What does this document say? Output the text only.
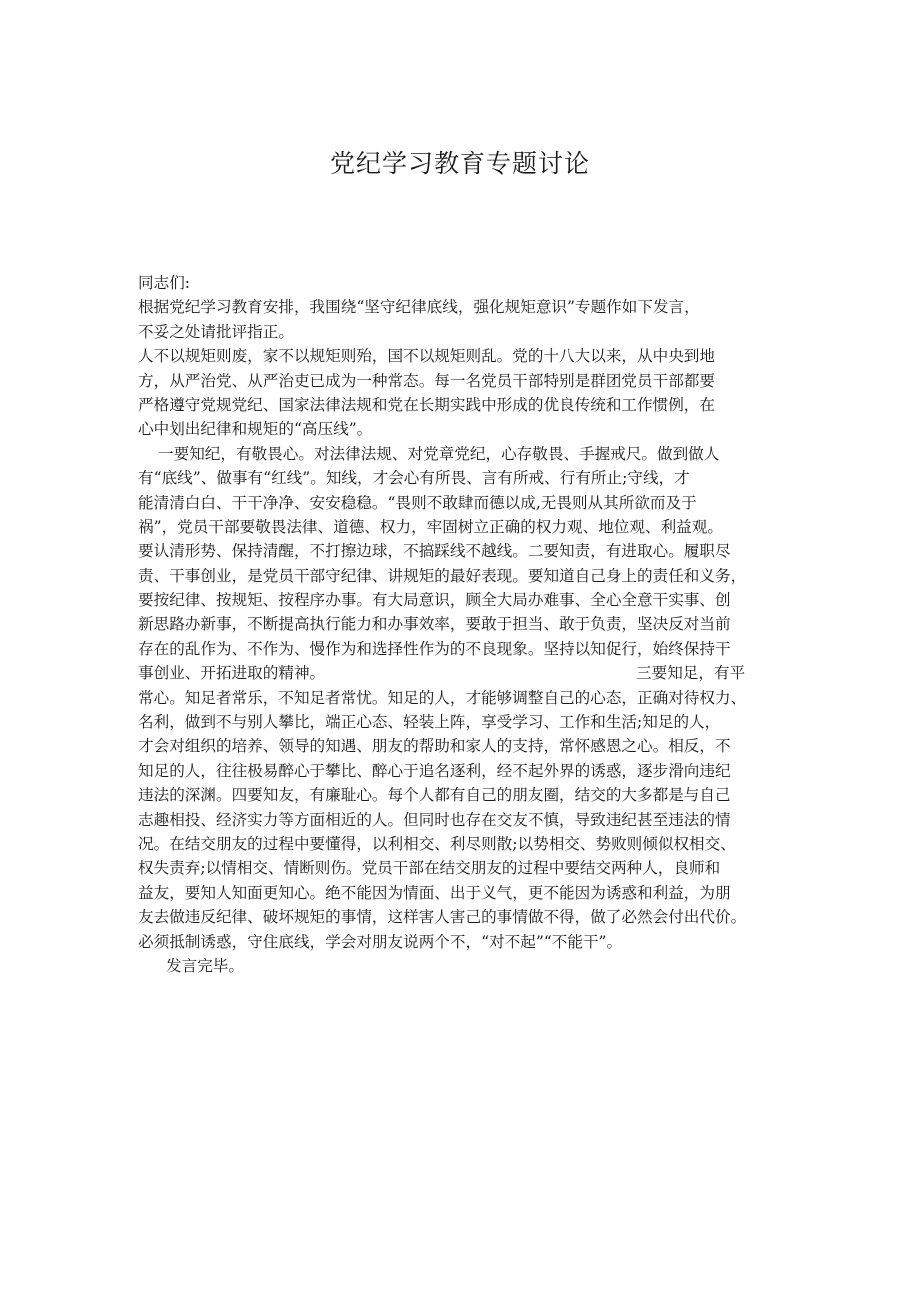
党纪学习教育专题讨论
同志们:
根据党纪学习教育安排，我围绕“坚守纪律底线，强化规矩意识”专题作如下发言，
不妥之处请批评指正。
人不以规矩则废，家不以规矩则殆，国不以规矩则乱。党的十八大以来，从中央到地
方，从严治党、从严治吏已成为一种常态。每一名党员干部特别是群团党员干部都要
严格遵守党规党纪、国家法律法规和党在长期实践中形成的优良传统和工作惯例，在
心中划出纪律和规矩的“高压线”。
一要知纪，有敬畏心。对法律法规、对党章党纪，心存敬畏、手握戒尺。做到做人
有“底线”、做事有“红线”。知线，才会心有所畏、言有所戒、行有所止;守线，才
能清清白白、干干净净、安安稳稳。“畏则不敢肆而德以成,无畏则从其所欲而及于
祸”，党员干部要敬畏法律、道德、权力，牢固树立正确的权力观、地位观、利益观。
要认清形势、保持清醒，不打擦边球，不搞踩线不越线。二要知责，有进取心。履职尽
责、干事创业，是党员干部守纪律、讲规矩的最好表现。要知道自己身上的责任和义务，
要按纪律、按规矩、按程序办事。有大局意识，顾全大局办难事、全心全意干实事、创
新思路办新事，不断提高执行能力和办事效率，要敢于担当、敢于负责，坚决反对当前
存在的乱作为、不作为、慢作为和选择性作为的不良现象。坚持以知促行，始终保持干
事创业、开拓进取的精神。	三要知足，有平
常心。知足者常乐，不知足者常忧。知足的人，才能够调整自己的心态，正确对待权力、
名利，做到不与别人攀比，端正心态、轻装上阵，享受学习、工作和生活;知足的人，
才会对组织的培养、领导的知遇、朋友的帮助和家人的支持，常怀感恩之心。相反，不
知足的人，往往极易醉心于攀比、醉心于追名逐利，经不起外界的诱惑，逐步滑向违纪
违法的深渊。四要知友，有廉耻心。每个人都有自己的朋友圈，结交的大多都是与自己
志趣相投、经济实力等方面相近的人。但同时也存在交友不慎，导致违纪甚至违法的情
况。在结交朋友的过程中要懂得，以利相交、利尽则散;以势相交、势败则倾似权相交、
权失责弃;以情相交、情断则伤。党员干部在结交朋友的过程中要结交两种人，良师和
益友，要知人知面更知心。绝不能因为情面、出于义气，更不能因为诱惑和利益，为朋
友去做违反纪律、破坏规矩的事情，这样害人害己的事情做不得，做了必然会付出代价。
必须抵制诱惑，守住底线，学会对朋友说两个不，“对不起”“不能干”。
发言完毕。
